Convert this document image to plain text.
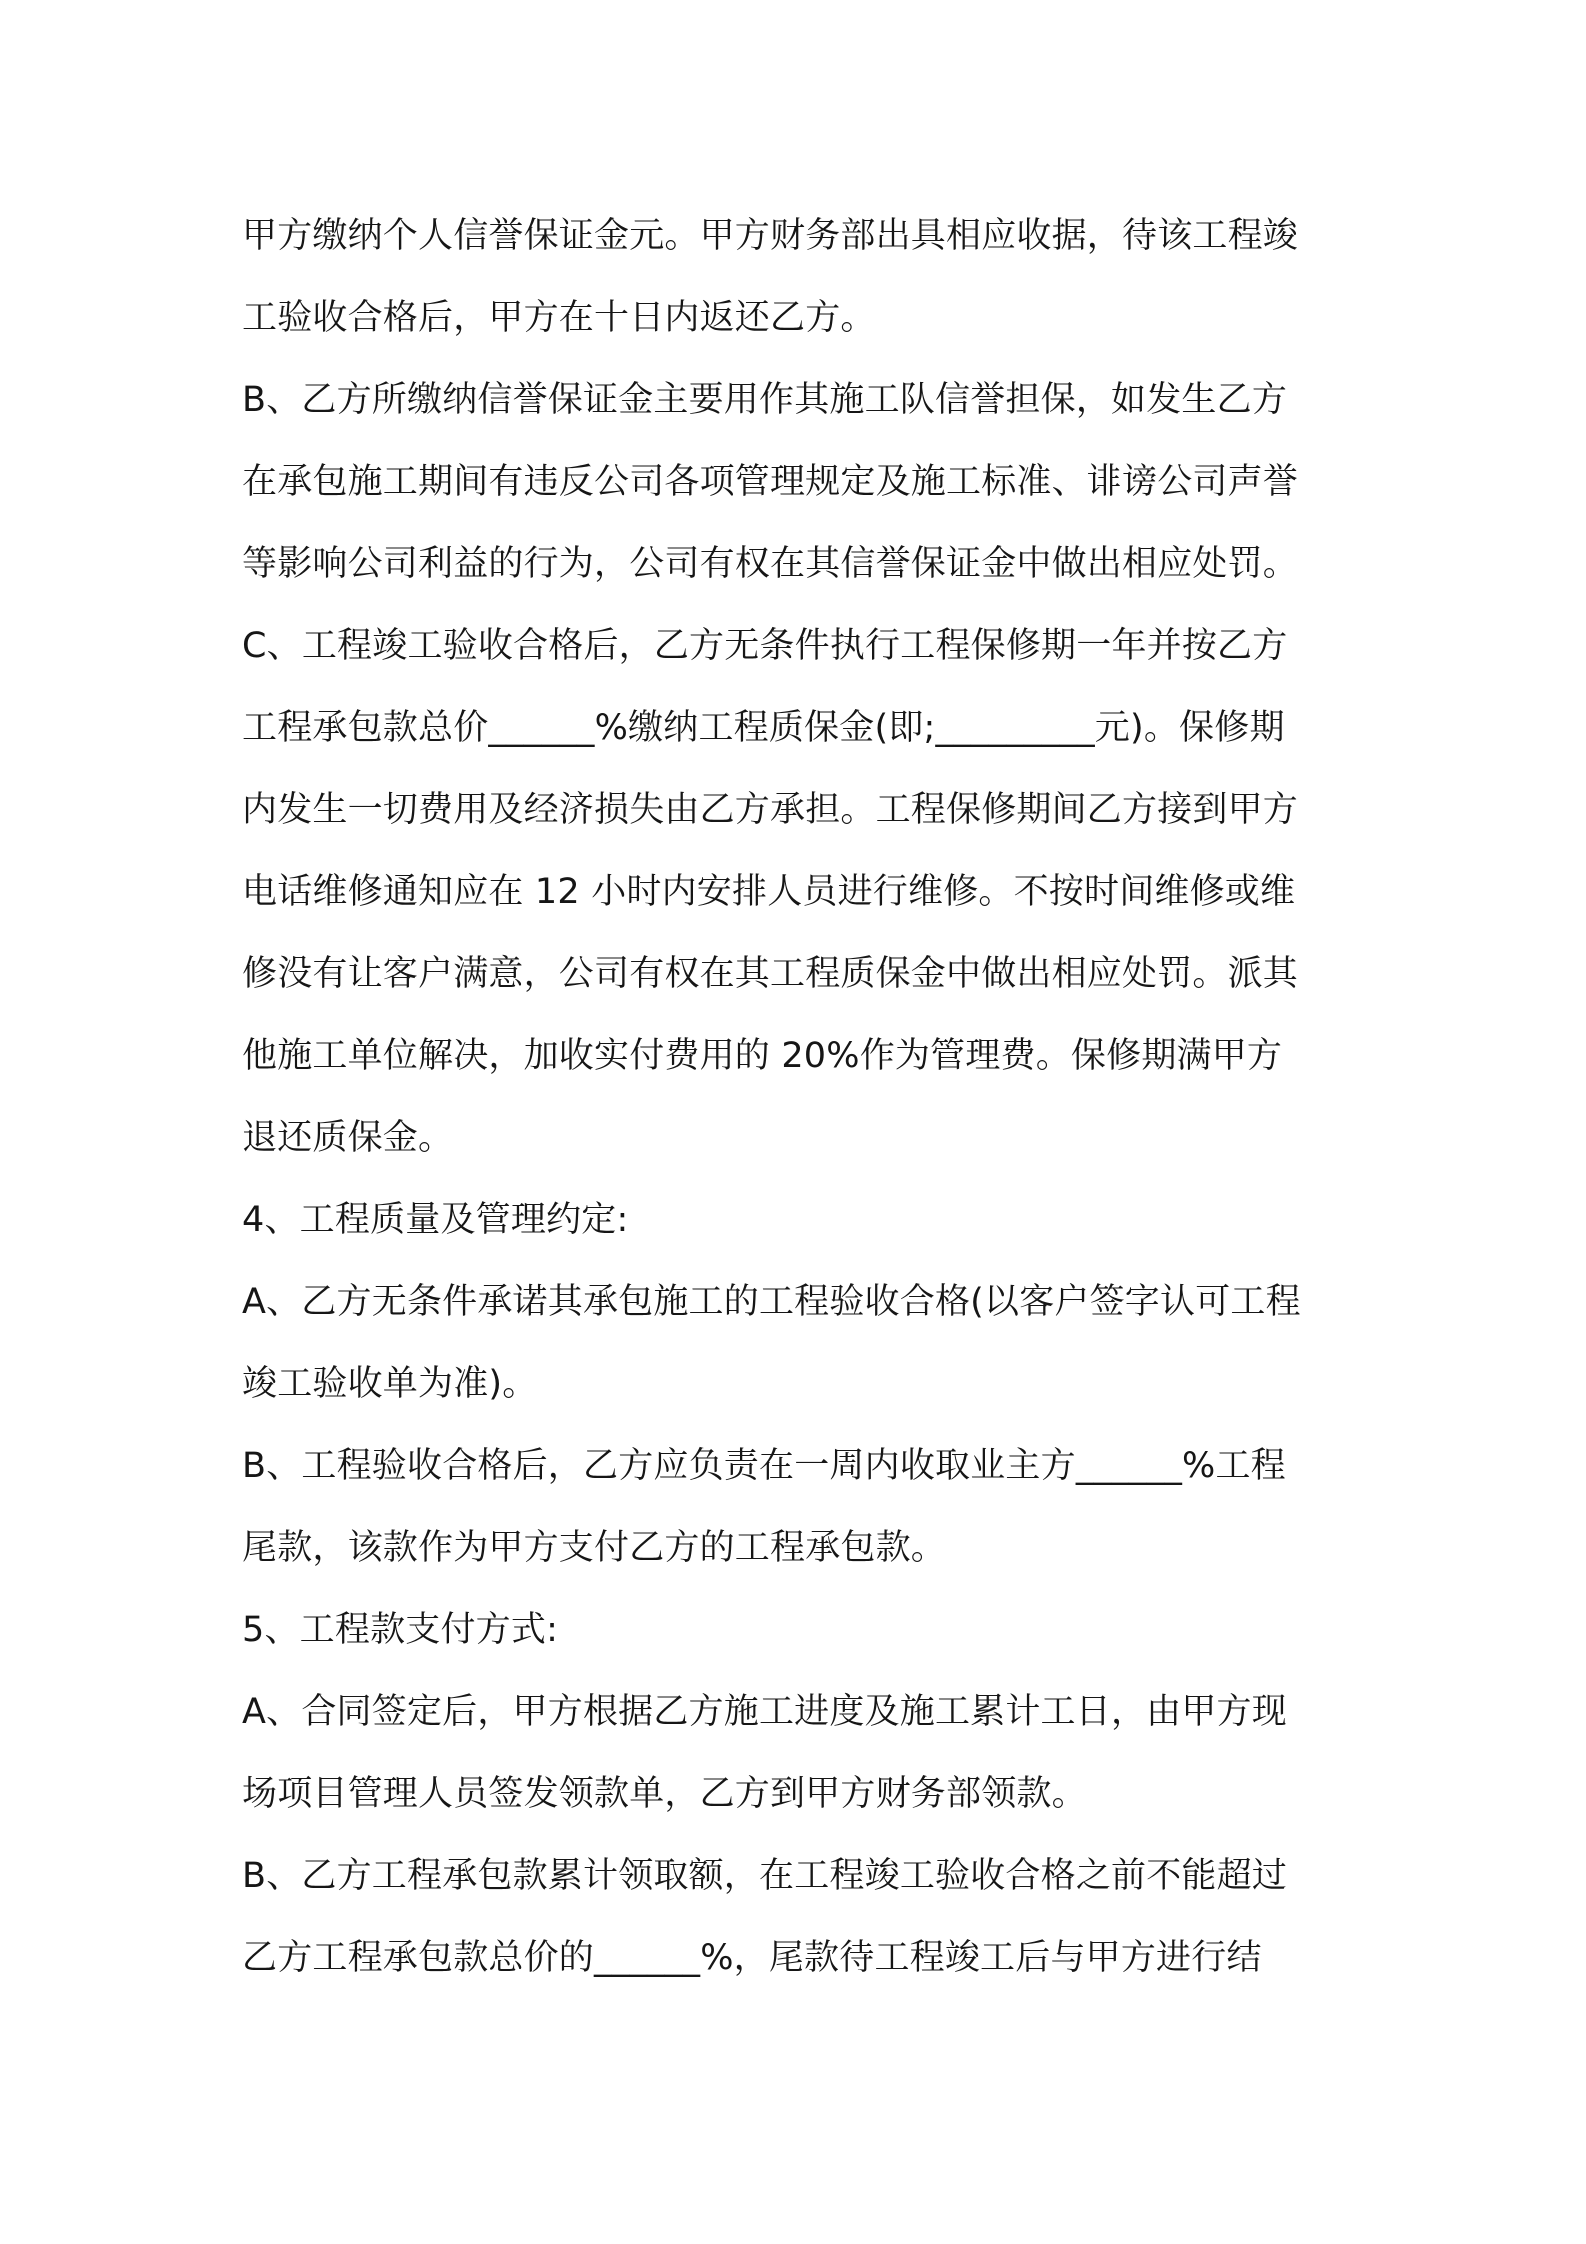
甲方缴纳个人信誉保证金元。甲方财务部出具相应收据，待该工程竣
工验收合格后，甲方在十日内返还乙方。
B、乙方所缴纳信誉保证金主要用作其施工队信誉担保，如发生乙方
在承包施工期间有违反公司各项管理规定及施工标准、诽谤公司声誉
等影响公司利益的行为，公司有权在其信誉保证金中做出相应处罚。
C、工程竣工验收合格后，乙方无条件执行工程保修期一年并按乙方
工程承包款总价______%缴纳工程质保金(即;_________元)。保修期
内发生一切费用及经济损失由乙方承担。工程保修期间乙方接到甲方
电话维修通知应在 12 小时内安排人员进行维修。不按时间维修或维
修没有让客户满意，公司有权在其工程质保金中做出相应处罚。派其
他施工单位解决，加收实付费用的 20%作为管理费。保修期满甲方
退还质保金。
4、工程质量及管理约定:
A、乙方无条件承诺其承包施工的工程验收合格(以客户签字认可工程
竣工验收单为准)。
B、工程验收合格后，乙方应负责在一周内收取业主方______%工程
尾款，该款作为甲方支付乙方的工程承包款。
5、工程款支付方式:
A、合同签定后，甲方根据乙方施工进度及施工累计工日，由甲方现
场项目管理人员签发领款单，乙方到甲方财务部领款。
B、乙方工程承包款累计领取额，在工程竣工验收合格之前不能超过
乙方工程承包款总价的______%，尾款待工程竣工后与甲方进行结
